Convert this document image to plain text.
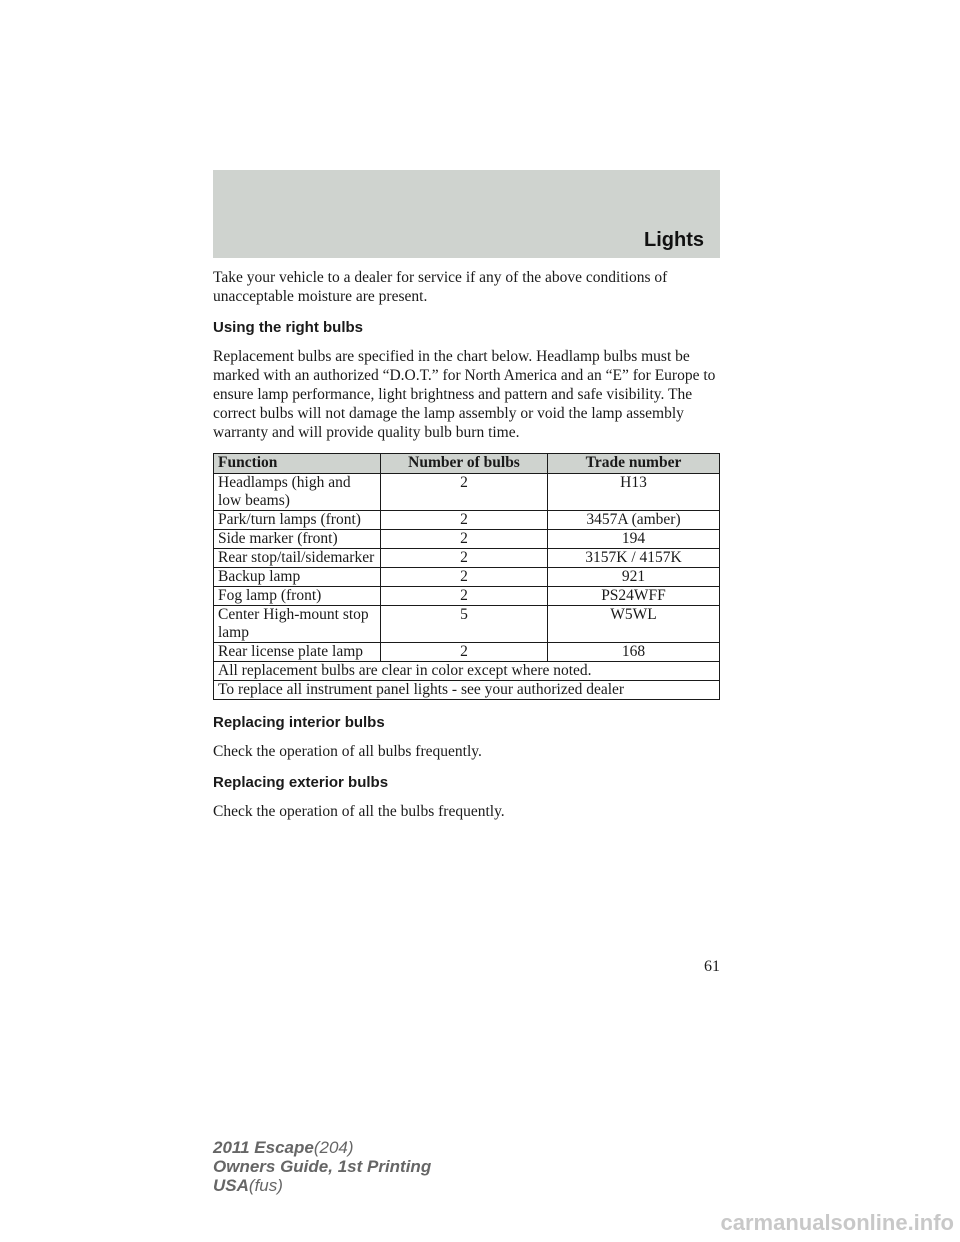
Lights

Take your vehicle to a dealer for service if any of the above conditions of unacceptable moisture are present.

Using the right bulbs

Replacement bulbs are specified in the chart below. Headlamp bulbs must be marked with an authorized “D.O.T.” for North America and an “E” for Europe to ensure lamp performance, light brightness and pattern and safe visibility. The correct bulbs will not damage the lamp assembly or void the lamp assembly warranty and will provide quality bulb burn time.

Function	Number of bulbs	Trade number
Headlamps (high and low beams)	2	H13
Park/turn lamps (front)	2	3457A (amber)
Side marker (front)	2	194
Rear stop/tail/sidemarker	2	3157K / 4157K
Backup lamp	2	921
Fog lamp (front)	2	PS24WFF
Center High-mount stop lamp	5	W5WL
Rear license plate lamp	2	168
All replacement bulbs are clear in color except where noted.		
To replace all instrument panel lights - see your authorized dealer		
Replacing interior bulbs

Check the operation of all bulbs frequently.

Replacing exterior bulbs

Check the operation of all the bulbs frequently.

61
2011 Escape(204)
Owners Guide, 1st Printing
USA(fus)
carmanualsonline.info
